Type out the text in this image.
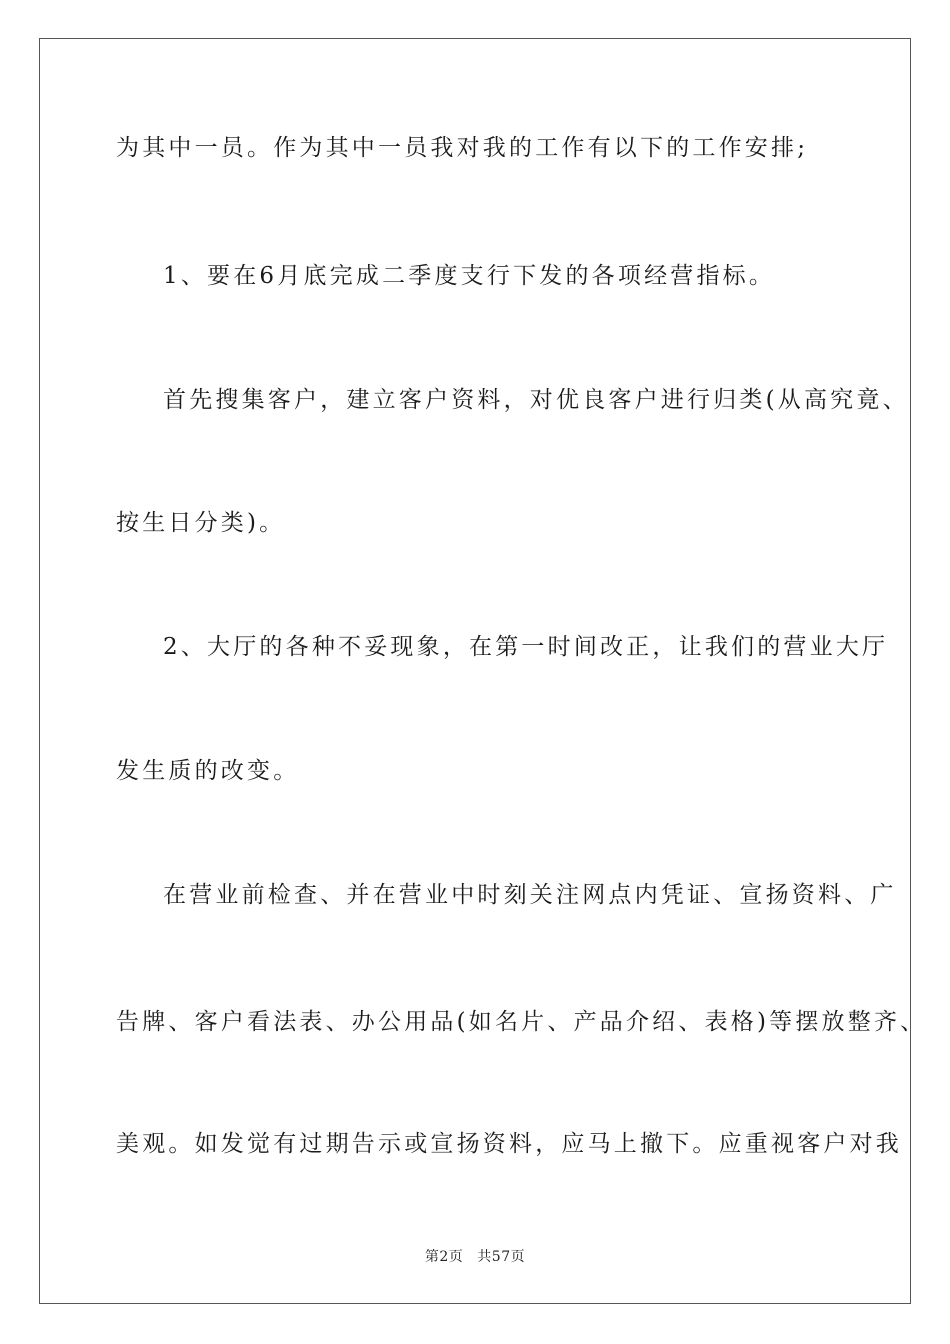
为其中一员。作为其中一员我对我的工作有以下的工作安排;
1、要在6月底完成二季度支行下发的各项经营指标。
首先搜集客户，建立客户资料，对优良客户进行归类(从高究竟、
按生日分类)。
2、大厅的各种不妥现象，在第一时间改正，让我们的营业大厅
发生质的改变。
在营业前检查、并在营业中时刻关注网点内凭证、宣扬资料、广
告牌、客户看法表、办公用品(如名片、产品介绍、表格)等摆放整齐、
美观。如发觉有过期告示或宣扬资料，应马上撤下。应重视客户对我
第2页 共57页
